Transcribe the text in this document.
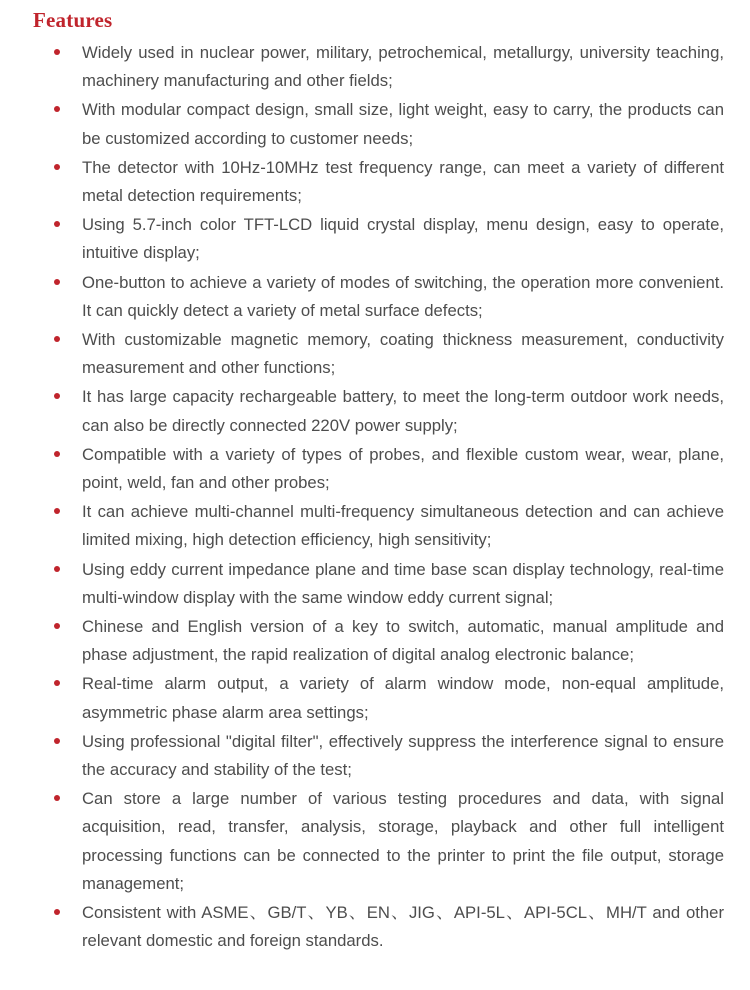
Features
Widely used in nuclear power, military, petrochemical, metallurgy, university teaching, machinery manufacturing and other fields;
With modular compact design, small size, light weight, easy to carry, the products can be customized according to customer needs;
The detector with 10Hz-10MHz test frequency range, can meet a variety of different metal detection requirements;
Using 5.7-inch color TFT-LCD liquid crystal display, menu design, easy to operate, intuitive display;
One-button to achieve a variety of modes of switching, the operation more convenient. It can quickly detect a variety of metal surface defects;
With customizable magnetic memory, coating thickness measurement, conductivity measurement and other functions;
It has large capacity rechargeable battery, to meet the long-term outdoor work needs, can also be directly connected 220V power supply;
Compatible with a variety of types of probes, and flexible custom wear, wear, plane, point, weld, fan and other probes;
It can achieve multi-channel multi-frequency simultaneous detection and can achieve limited mixing, high detection efficiency, high sensitivity;
Using eddy current impedance plane and time base scan display technology, real-time multi-window display with the same window eddy current signal;
Chinese and English version of a key to switch, automatic, manual amplitude and phase adjustment, the rapid realization of digital analog electronic balance;
Real-time alarm output, a variety of alarm window mode, non-equal amplitude, asymmetric phase alarm area settings;
Using professional "digital filter", effectively suppress the interference signal to ensure the accuracy and stability of the test;
Can store a large number of various testing procedures and data, with signal acquisition, read, transfer, analysis, storage, playback and other full intelligent processing functions can be connected to the printer to print the file output, storage management;
Consistent with ASME、GB/T、YB、EN、JIG、API-5L、API-5CL、MH/T and other relevant domestic and foreign standards.
